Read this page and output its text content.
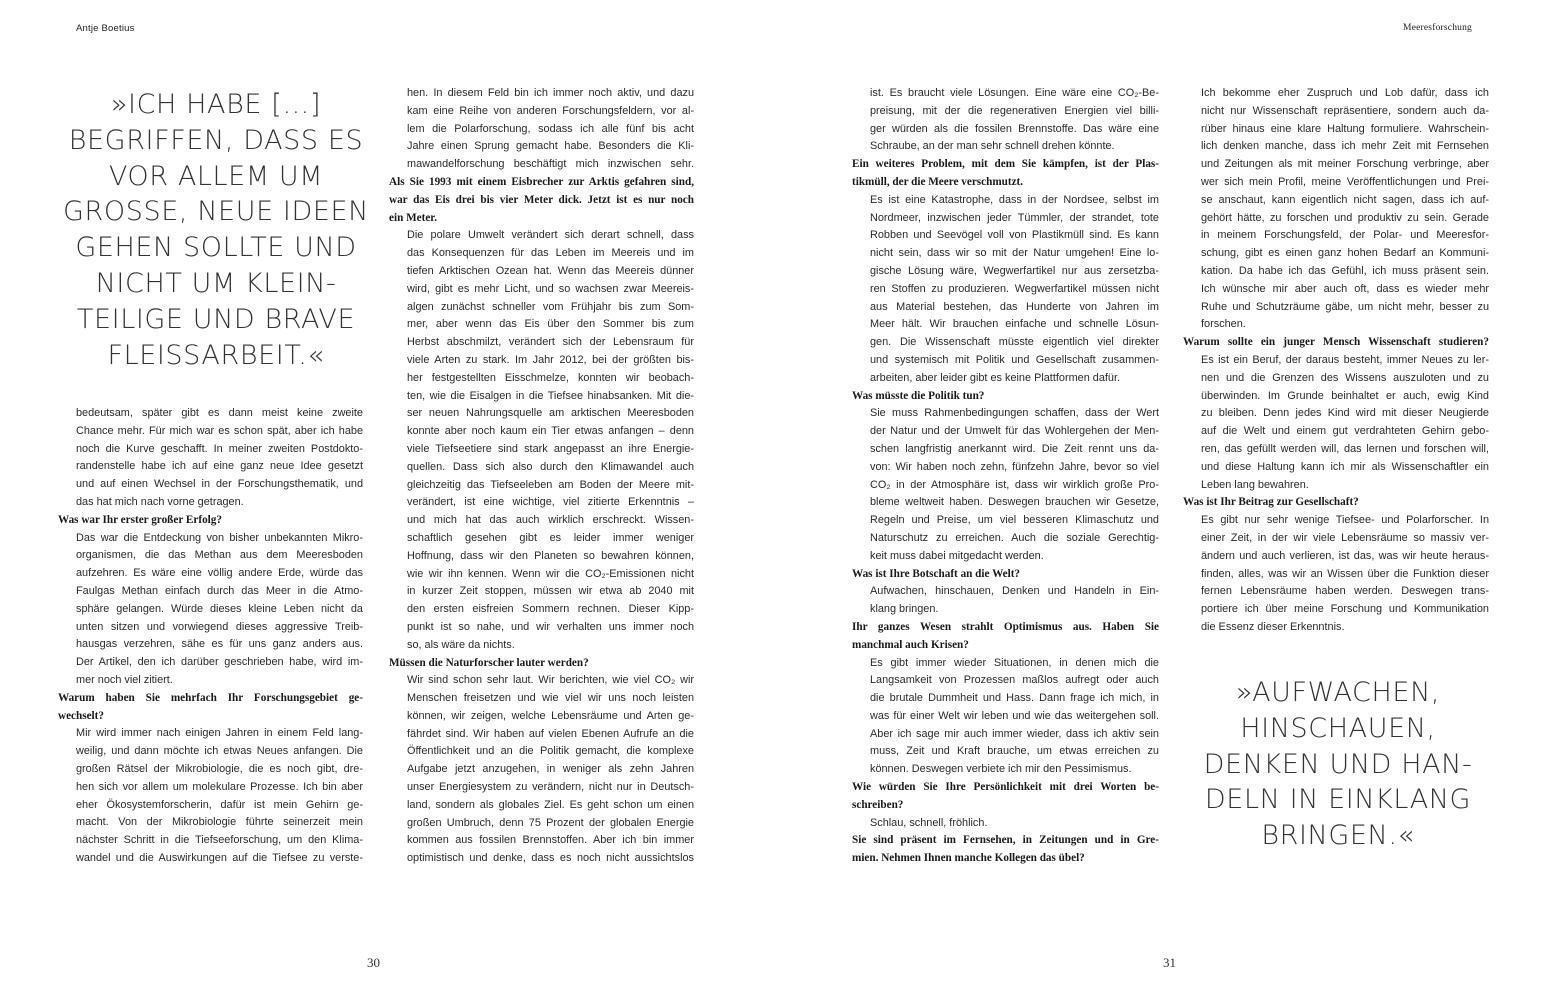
Antje Boetius	Meeresforschung
»ICH HABE […]
BEGRIFFEN, DASS ES
VOR ALLEM UM
GROSSE, NEUE IDEEN
GEHEN SOLLTE UND
NICHT UM KLEIN-
TEILIGE UND BRAVE
FLEISSARBEIT.«
bedeutsam, später gibt es dann meist keine zweite
Chance mehr. Für mich war es schon spät, aber ich habe
noch die Kurve geschafft. In meiner zweiten Postdokto-
randenstelle habe ich auf eine ganz neue Idee gesetzt
und auf einen Wechsel in der Forschungsthematik, und
das hat mich nach vorne getragen.
Was war Ihr erster großer Erfolg?
Das war die Entdeckung von bisher unbekannten Mikro-
organismen, die das Methan aus dem Meeresboden
aufzehren. Es wäre eine völlig andere Erde, würde das
Faulgas Methan einfach durch das Meer in die Atmo-
sphäre gelangen. Würde dieses kleine Leben nicht da
unten sitzen und vorwiegend dieses aggressive Treib-
hausgas verzehren, sähe es für uns ganz anders aus.
Der Artikel, den ich darüber geschrieben habe, wird im-
mer noch viel zitiert.
Warum haben Sie mehrfach Ihr Forschungsgebiet ge-
wechselt?
Mir wird immer nach einigen Jahren in einem Feld lang-
weilig, und dann möchte ich etwas Neues anfangen. Die
großen Rätsel der Mikrobiologie, die es noch gibt, dre-
hen sich vor allem um molekulare Prozesse. Ich bin aber
eher Ökosystemforscherin, dafür ist mein Gehirn ge-
macht. Von der Mikrobiologie führte seinerzeit mein
nächster Schritt in die Tiefseeforschung, um den Klima-
wandel und die Auswirkungen auf die Tiefsee zu verste-
hen. In diesem Feld bin ich immer noch aktiv, und dazu
kam eine Reihe von anderen Forschungsfeldern, vor al-
lem die Polarforschung, sodass ich alle fünf bis acht
Jahre einen Sprung gemacht habe. Besonders die Kli-
mawandelforschung beschäftigt mich inzwischen sehr.
Als Sie 1993 mit einem Eisbrecher zur Arktis gefahren sind,
war das Eis drei bis vier Meter dick. Jetzt ist es nur noch
ein Meter.
Die polare Umwelt verändert sich derart schnell, dass
das Konsequenzen für das Leben im Meereis und im
tiefen Arktischen Ozean hat. Wenn das Meereis dünner
wird, gibt es mehr Licht, und so wachsen zwar Meereis-
algen zunächst schneller vom Frühjahr bis zum Som-
mer, aber wenn das Eis über den Sommer bis zum
Herbst abschmilzt, verändert sich der Lebensraum für
viele Arten zu stark. Im Jahr 2012, bei der größten bis-
her festgestellten Eisschmelze, konnten wir beobach-
ten, wie die Eisalgen in die Tiefsee hinabsanken. Mit die-
ser neuen Nahrungsquelle am arktischen Meeresboden
konnte aber noch kaum ein Tier etwas anfangen – denn
viele Tiefseetiere sind stark angepasst an ihre Energie-
quellen. Dass sich also durch den Klimawandel auch
gleichzeitig das Tiefseeleben am Boden der Meere mit-
verändert, ist eine wichtige, viel zitierte Erkenntnis –
und mich hat das auch wirklich erschreckt. Wissen-
schaftlich gesehen gibt es leider immer weniger
Hoffnung, dass wir den Planeten so bewahren können,
wie wir ihn kennen. Wenn wir die CO₂-Emissionen nicht
in kurzer Zeit stoppen, müssen wir etwa ab 2040 mit
den ersten eisfreien Sommern rechnen. Dieser Kipp-
punkt ist so nahe, und wir verhalten uns immer noch
so, als wäre da nichts.
Müssen die Naturforscher lauter werden?
Wir sind schon sehr laut. Wir berichten, wie viel CO₂ wir
Menschen freisetzen und wie viel wir uns noch leisten
können, wir zeigen, welche Lebensräume und Arten ge-
fährdet sind. Wir haben auf vielen Ebenen Aufrufe an die
Öffentlichkeit und an die Politik gemacht, die komplexe
Aufgabe jetzt anzugehen, in weniger als zehn Jahren
unser Energiesystem zu verändern, nicht nur in Deutsch-
land, sondern als globales Ziel. Es geht schon um einen
großen Umbruch, denn 75 Prozent der globalen Energie
kommen aus fossilen Brennstoffen. Aber ich bin immer
optimistisch und denke, dass es noch nicht aussichtslos
ist. Es braucht viele Lösungen. Eine wäre eine CO₂-Be-
preisung, mit der die regenerativen Energien viel billi-
ger würden als die fossilen Brennstoffe. Das wäre eine
Schraube, an der man sehr schnell drehen könnte.
Ein weiteres Problem, mit dem Sie kämpfen, ist der Plas-
tikmüll, der die Meere verschmutzt.
Es ist eine Katastrophe, dass in der Nordsee, selbst im
Nordmeer, inzwischen jeder Tümmler, der strandet, tote
Robben und Seevögel voll von Plastikmüll sind. Es kann
nicht sein, dass wir so mit der Natur umgehen! Eine lo-
gische Lösung wäre, Wegwerfartikel nur aus zersetzba-
ren Stoffen zu produzieren. Wegwerfartikel müssen nicht
aus Material bestehen, das Hunderte von Jahren im
Meer hält. Wir brauchen einfache und schnelle Lösun-
gen. Die Wissenschaft müsste eigentlich viel direkter
und systemisch mit Politik und Gesellschaft zusammen-
arbeiten, aber leider gibt es keine Plattformen dafür.
Was müsste die Politik tun?
Sie muss Rahmenbedingungen schaffen, dass der Wert
der Natur und der Umwelt für das Wohlergehen der Men-
schen langfristig anerkannt wird. Die Zeit rennt uns da-
von: Wir haben noch zehn, fünfzehn Jahre, bevor so viel
CO₂ in der Atmosphäre ist, dass wir wirklich große Pro-
bleme weltweit haben. Deswegen brauchen wir Gesetze,
Regeln und Preise, um viel besseren Klimaschutz und
Naturschutz zu erreichen. Auch die soziale Gerechtig-
keit muss dabei mitgedacht werden.
Was ist Ihre Botschaft an die Welt?
Aufwachen, hinschauen, Denken und Handeln in Ein-
klang bringen.
Ihr ganzes Wesen strahlt Optimismus aus. Haben Sie
manchmal auch Krisen?
Es gibt immer wieder Situationen, in denen mich die
Langsamkeit von Prozessen maßlos aufregt oder auch
die brutale Dummheit und Hass. Dann frage ich mich, in
was für einer Welt wir leben und wie das weitergehen soll.
Aber ich sage mir auch immer wieder, dass ich aktiv sein
muss, Zeit und Kraft brauche, um etwas erreichen zu
können. Deswegen verbiete ich mir den Pessimismus.
Wie würden Sie Ihre Persönlichkeit mit drei Worten be-
schreiben?
Schlau, schnell, fröhlich.
Sie sind präsent im Fernsehen, in Zeitungen und in Gre-
mien. Nehmen Ihnen manche Kollegen das übel?
Ich bekomme eher Zuspruch und Lob dafür, dass ich
nicht nur Wissenschaft repräsentiere, sondern auch da-
rüber hinaus eine klare Haltung formuliere. Wahrschein-
lich denken manche, dass ich mehr Zeit mit Fernsehen
und Zeitungen als mit meiner Forschung verbringe, aber
wer sich mein Profil, meine Veröffentlichungen und Prei-
se anschaut, kann eigentlich nicht sagen, dass ich auf-
gehört hätte, zu forschen und produktiv zu sein. Gerade
in meinem Forschungsfeld, der Polar- und Meeresfor-
schung, gibt es einen ganz hohen Bedarf an Kommuni-
kation. Da habe ich das Gefühl, ich muss präsent sein.
Ich wünsche mir aber auch oft, dass es wieder mehr
Ruhe und Schutzräume gäbe, um nicht mehr, besser zu
forschen.
Warum sollte ein junger Mensch Wissenschaft studieren?
Es ist ein Beruf, der daraus besteht, immer Neues zu ler-
nen und die Grenzen des Wissens auszuloten und zu
überwinden. Im Grunde beinhaltet er auch, ewig Kind
zu bleiben. Denn jedes Kind wird mit dieser Neugierde
auf die Welt und einem gut verdrahteten Gehirn gebo-
ren, das gefüllt werden will, das lernen und forschen will,
und diese Haltung kann ich mir als Wissenschaftler ein
Leben lang bewahren.
Was ist Ihr Beitrag zur Gesellschaft?
Es gibt nur sehr wenige Tiefsee- und Polarforscher. In
einer Zeit, in der wir viele Lebensräume so massiv ver-
ändern und auch verlieren, ist das, was wir heute heraus-
finden, alles, was wir an Wissen über die Funktion dieser
fernen Lebensräume haben werden. Deswegen trans-
portiere ich über meine Forschung und Kommunikation
die Essenz dieser Erkenntnis.
»AUFWACHEN,
HINSCHAUEN,
DENKEN UND HAN-
DELN IN EINKLANG
BRINGEN.«
30	31
